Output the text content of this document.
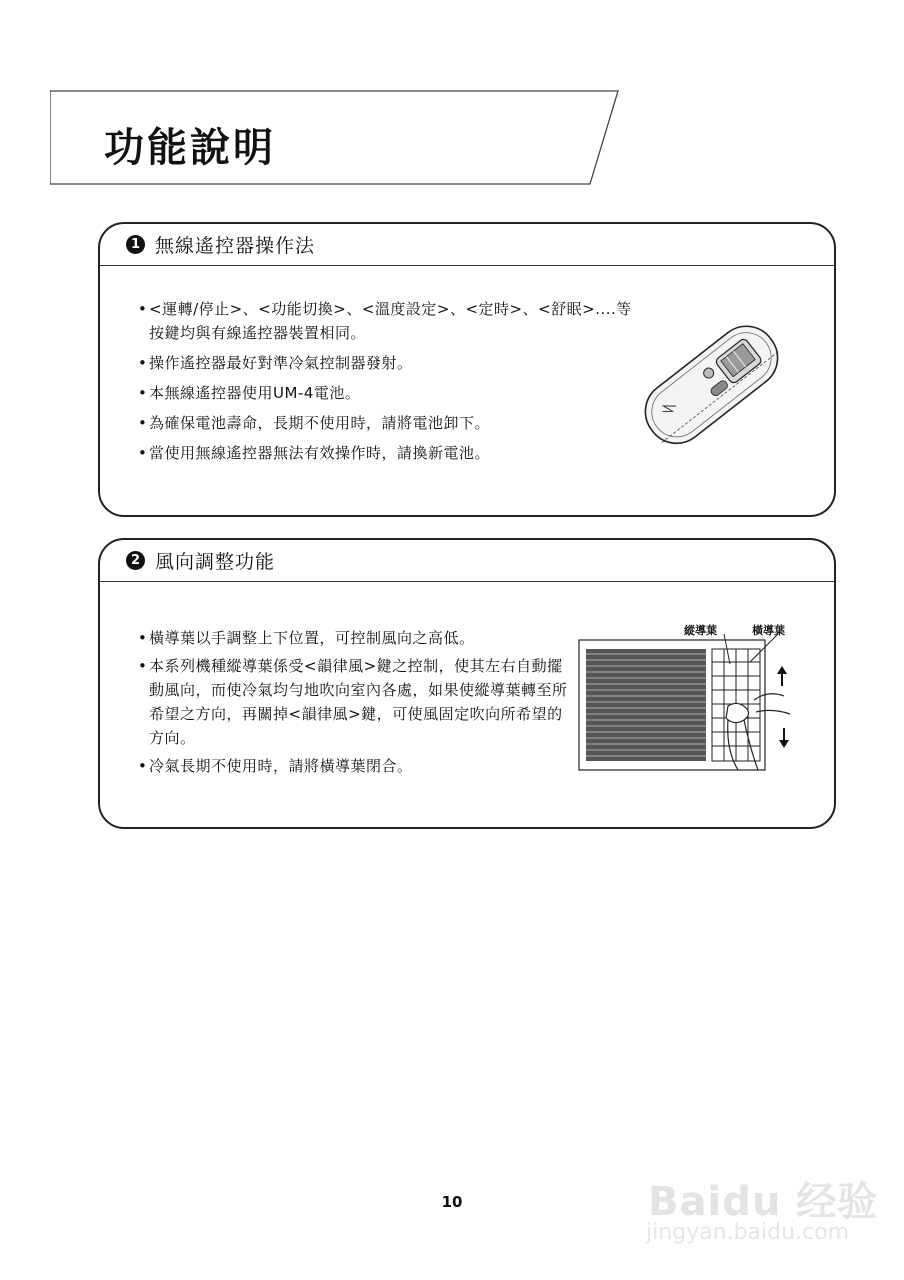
功能說明
1 無線遙控器操作法
• <運轉/停止>、<功能切換>、<溫度設定>、<定時>、<舒眠>....等按鍵均與有線遙控器裝置相同。
• 操作遙控器最好對準冷氣控制器發射。
• 本無線遙控器使用UM-4電池。
• 為確保電池壽命，長期不使用時，請將電池卸下。
• 當使用無線遙控器無法有效操作時，請換新電池。
2 風向調整功能
• 橫導葉以手調整上下位置，可控制風向之高低。
• 本系列機種縱導葉係受<韻律風>鍵之控制，使其左右自動擺動風向，而使冷氣均勻地吹向室內各處，如果使縱導葉轉至所希望之方向，再關掉<韻律風>鍵，可使風固定吹向所希望的方向。
• 冷氣長期不使用時，請將橫導葉閉合。
縱導葉	橫導葉
10	Baidu 经验
jingyan.baidu.com
